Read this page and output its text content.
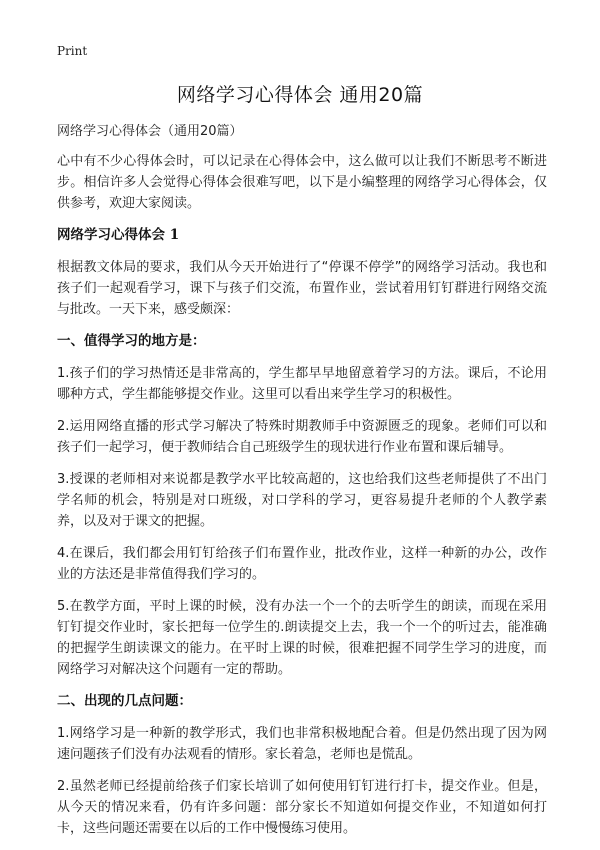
Print
网络学习心得体会 通用20篇
网络学习心得体会（通用20篇）

心中有不少心得体会时，可以记录在心得体会中，这么做可以让我们不断思考不断进步。相信许多人会觉得心得体会很难写吧，以下是小编整理的网络学习心得体会，仅供参考，欢迎大家阅读。

网络学习心得体会 1

根据教文体局的要求，我们从今天开始进行了“停课不停学”的网络学习活动。我也和孩子们一起观看学习，课下与孩子们交流，布置作业，尝试着用钉钉群进行网络交流与批改。一天下来，感受颇深：

一、值得学习的地方是：

1.孩子们的学习热情还是非常高的，学生都早早地留意着学习的方法。课后，不论用哪种方式，学生都能够提交作业。这里可以看出来学生学习的积极性。

2.运用网络直播的形式学习解决了特殊时期教师手中资源匮乏的现象。老师们可以和孩子们一起学习，便于教师结合自己班级学生的现状进行作业布置和课后辅导。

3.授课的老师相对来说都是教学水平比较高超的，这也给我们这些老师提供了不出门学名师的机会，特别是对口班级，对口学科的学习，更容易提升老师的个人教学素养，以及对于课文的把握。

4.在课后，我们都会用钉钉给孩子们布置作业，批改作业，这样一种新的办公，改作业的方法还是非常值得我们学习的。

5.在教学方面，平时上课的时候，没有办法一个一个的去听学生的朗读，而现在采用钉钉提交作业时，家长把每一位学生的.朗读提交上去，我一个一个的听过去，能准确的把握学生朗读课文的能力。在平时上课的时候，很难把握不同学生学习的进度，而网络学习对解决这个问题有一定的帮助。

二、出现的几点问题：

1.网络学习是一种新的教学形式，我们也非常积极地配合着。但是仍然出现了因为网速问题孩子们没有办法观看的情形。家长着急，老师也是慌乱。

2.虽然老师已经提前给孩子们家长培训了如何使用钉钉进行打卡，提交作业。但是，从今天的情况来看，仍有许多问题：部分家长不知道如何提交作业，不知道如何打卡，这些问题还需要在以后的工作中慢慢练习使用。
